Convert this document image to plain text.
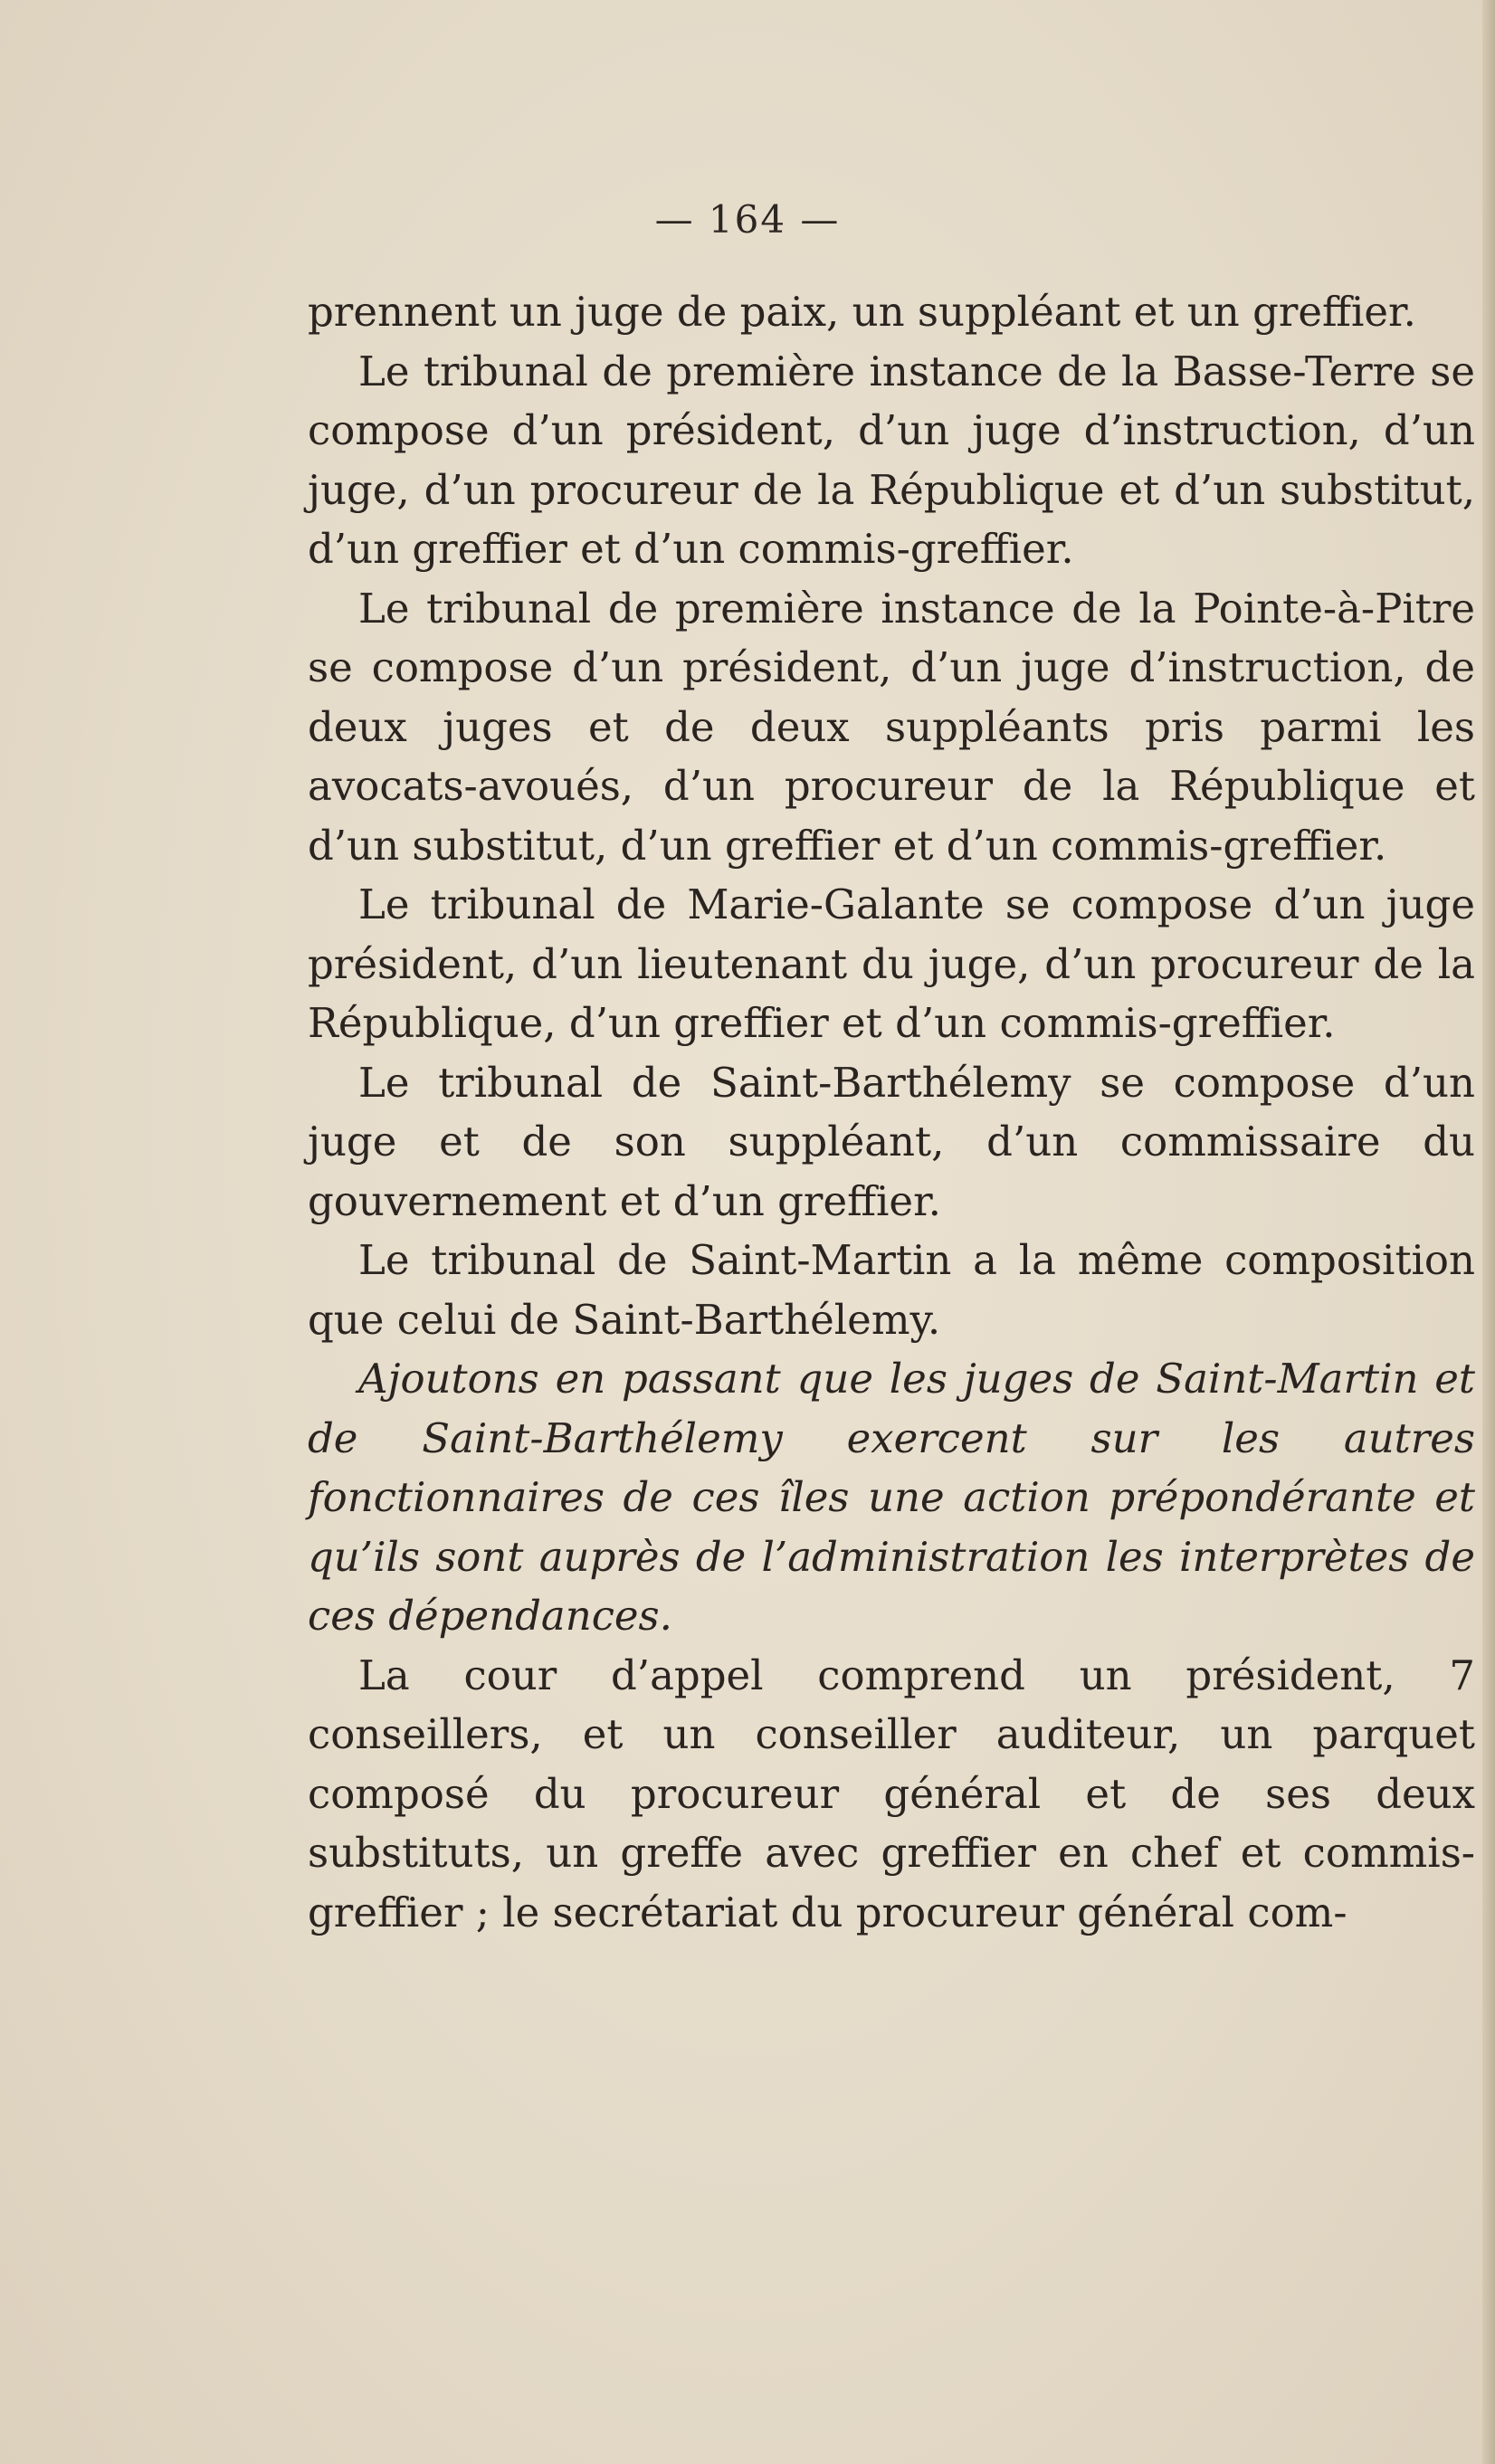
— 164 —

prennent un juge de paix, un suppléant et un greffier.

Le tribunal de première instance de la Basse-Terre se compose d’un président, d’un juge d’instruction, d’un juge, d’un procureur de la République et d’un substitut, d’un greffier et d’un commis-greffier.

Le tribunal de première instance de la Pointe-à-Pitre se compose d’un président, d’un juge d’instruction, de deux juges et de deux suppléants pris parmi les avocats-avoués, d’un procureur de la République et d’un substitut, d’un greffier et d’un commis-greffier.

Le tribunal de Marie-Galante se compose d’un juge président, d’un lieutenant du juge, d’un procureur de la République, d’un greffier et d’un commis-greffier.

Le tribunal de Saint-Barthélemy se compose d’un juge et de son suppléant, d’un commissaire du gouvernement et d’un greffier.

Le tribunal de Saint-Martin a la même composition que celui de Saint-Barthélemy.

Ajoutons en passant que les juges de Saint-Martin et de Saint-Barthélemy exercent sur les autres fonctionnaires de ces îles une action prépondérante et qu’ils sont auprès de l’administration les interprètes de ces dépendances.

La cour d’appel comprend un président, 7 conseillers, et un conseiller auditeur, un parquet composé du procureur général et de ses deux substituts, un greffe avec greffier en chef et commis-greffier ; le secrétariat du procureur général com-
